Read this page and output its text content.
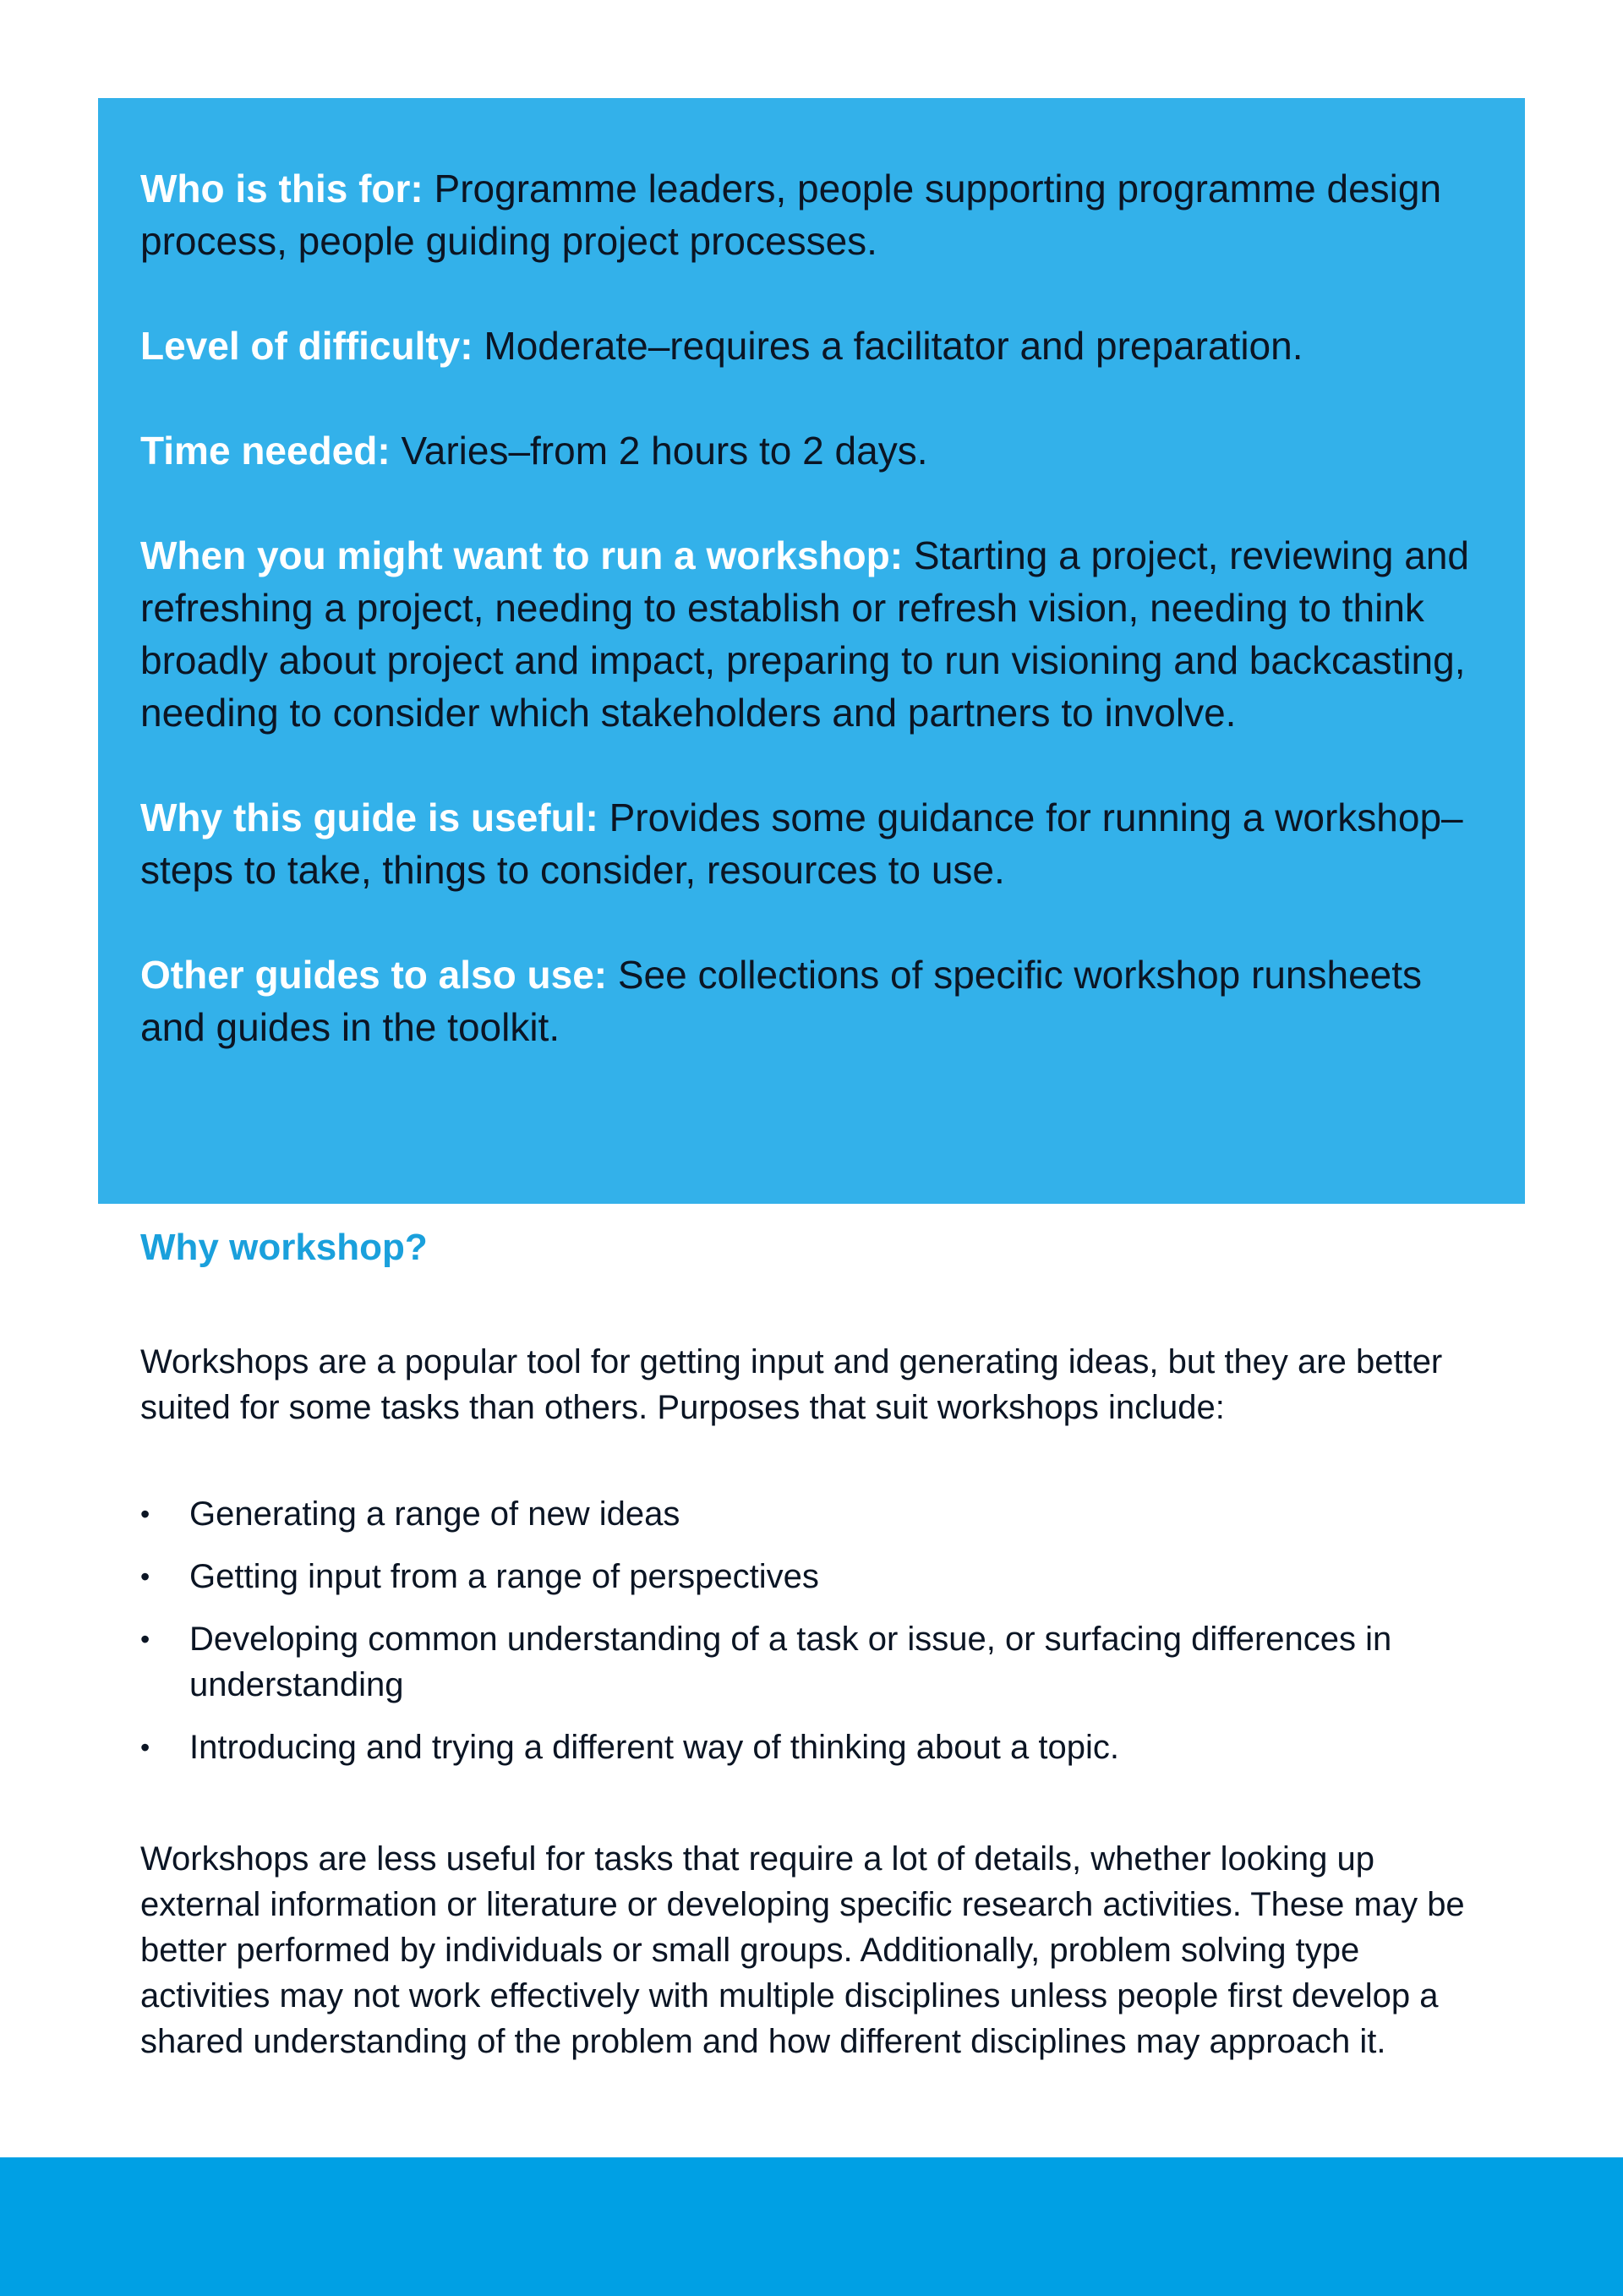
Who is this for: Programme leaders, people supporting programme design process, people guiding project processes.

Level of difficulty: Moderate–requires a facilitator and preparation.

Time needed: Varies–from 2 hours to 2 days.

When you might want to run a workshop: Starting a project, reviewing and refreshing a project, needing to establish or refresh vision, needing to think broadly about project and impact, preparing to run visioning and backcasting, needing to consider which stakeholders and partners to involve.

Why this guide is useful: Provides some guidance for running a workshop–steps to take, things to consider, resources to use.

Other guides to also use: See collections of specific workshop runsheets and guides in the toolkit.

Why workshop?

Workshops are a popular tool for getting input and generating ideas, but they are better suited for some tasks than others. Purposes that suit workshops include:

• Generating a range of new ideas
• Getting input from a range of perspectives
• Developing common understanding of a task or issue, or surfacing differences in understanding
• Introducing and trying a different way of thinking about a topic.

Workshops are less useful for tasks that require a lot of details, whether looking up external information or literature or developing specific research activities. These may be better performed by individuals or small groups. Additionally, problem solving type activities may not work effectively with multiple disciplines unless people first develop a shared understanding of the problem and how different disciplines may approach it.
